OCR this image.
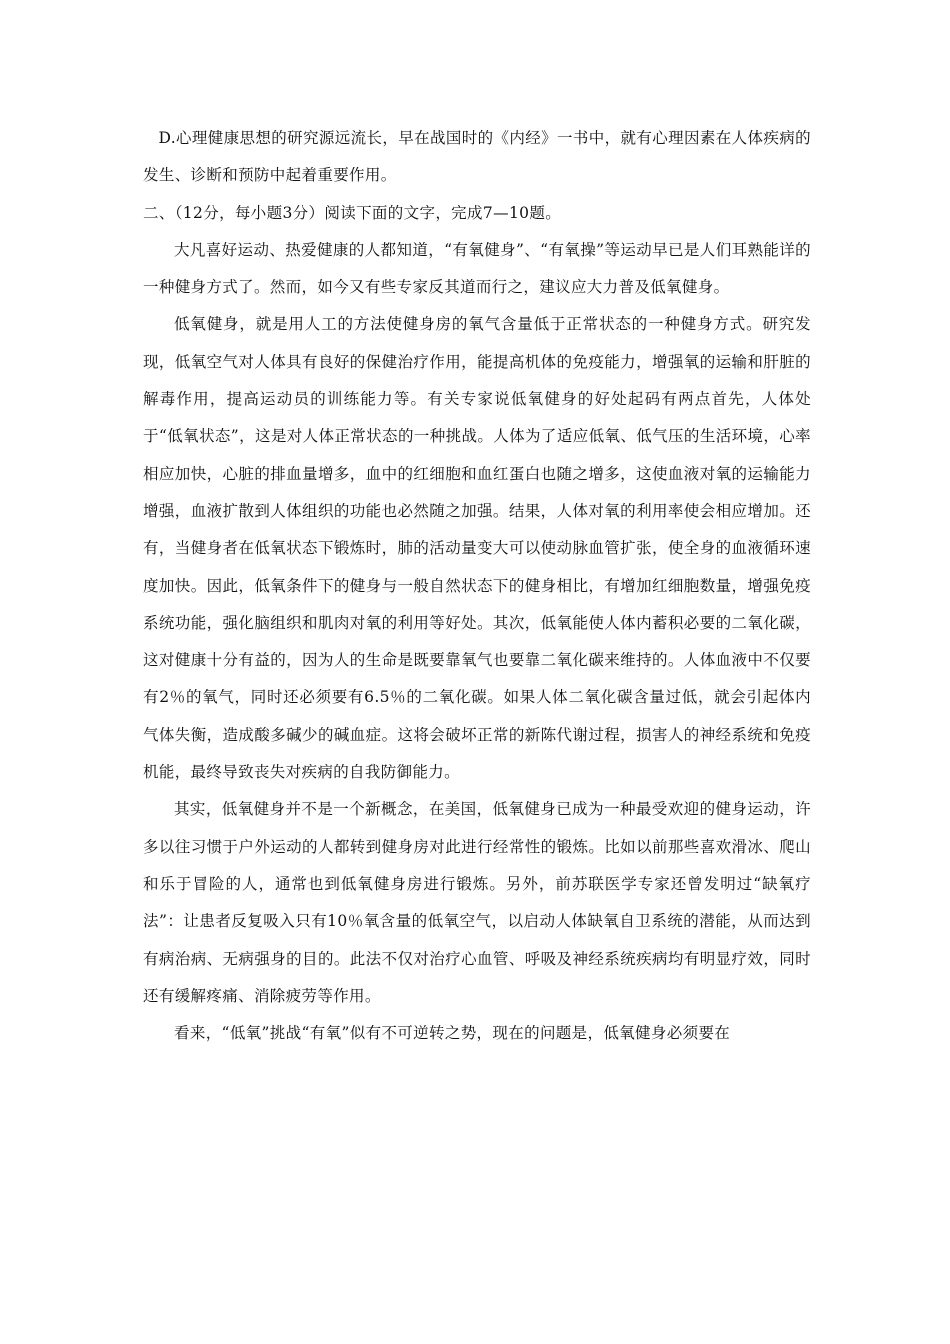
D.心理健康思想的研究源远流长，早在战国时的《内经》一书中，就有心理因素在人体疾病的发生、诊断和预防中起着重要作用。

二、（12分，每小题3分）阅读下面的文字，完成7—10题。

大凡喜好运动、热爱健康的人都知道，“有氧健身”、“有氧操”等运动早已是人们耳熟能详的一种健身方式了。然而，如今又有些专家反其道而行之，建议应大力普及低氧健身。

低氧健身，就是用人工的方法使健身房的氧气含量低于正常状态的一种健身方式。研究发现，低氧空气对人体具有良好的保健治疗作用，能提高机体的免疫能力，增强氧的运输和肝脏的解毒作用，提高运动员的训练能力等。有关专家说低氧健身的好处起码有两点首先，人体处于“低氧状态”，这是对人体正常状态的一种挑战。人体为了适应低氧、低气压的生活环境，心率相应加快，心脏的排血量增多，血中的红细胞和血红蛋白也随之增多，这使血液对氧的运输能力增强，血液扩散到人体组织的功能也必然随之加强。结果，人体对氧的利用率使会相应增加。还有，当健身者在低氧状态下锻炼时，肺的活动量变大可以使动脉血管扩张，使全身的血液循环速度加快。因此，低氧条件下的健身与一般自然状态下的健身相比，有增加红细胞数量，增强免疫系统功能，强化脑组织和肌肉对氧的利用等好处。其次，低氧能使人体内蓄积必要的二氧化碳，这对健康十分有益的，因为人的生命是既要靠氧气也要靠二氧化碳来维持的。人体血液中不仅要有2％的氧气，同时还必须要有6.5％的二氧化碳。如果人体二氧化碳含量过低，就会引起体内气体失衡，造成酸多碱少的碱血症。这将会破坏正常的新陈代谢过程，损害人的神经系统和免疫机能，最终导致丧失对疾病的自我防御能力。

其实，低氧健身并不是一个新概念，在美国，低氧健身已成为一种最受欢迎的健身运动，许多以往习惯于户外运动的人都转到健身房对此进行经常性的锻炼。比如以前那些喜欢滑冰、爬山和乐于冒险的人，通常也到低氧健身房进行锻炼。另外，前苏联医学专家还曾发明过“缺氧疗法”：让患者反复吸入只有10％氧含量的低氧空气，以启动人体缺氧自卫系统的潜能，从而达到有病治病、无病强身的目的。此法不仅对治疗心血管、呼吸及神经系统疾病均有明显疗效，同时还有缓解疼痛、消除疲劳等作用。

看来，“低氧”挑战“有氧”似有不可逆转之势，现在的问题是，低氧健身必须要在
